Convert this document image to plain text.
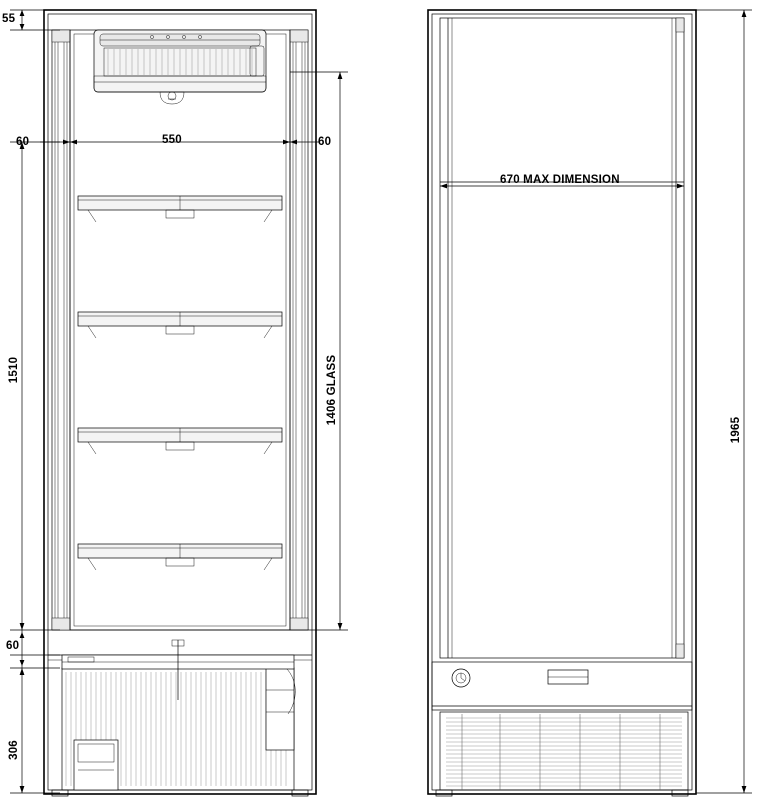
55
60	60
550
1510	1406 GLASS
60
306
670 MAX DIMENSION
1965
